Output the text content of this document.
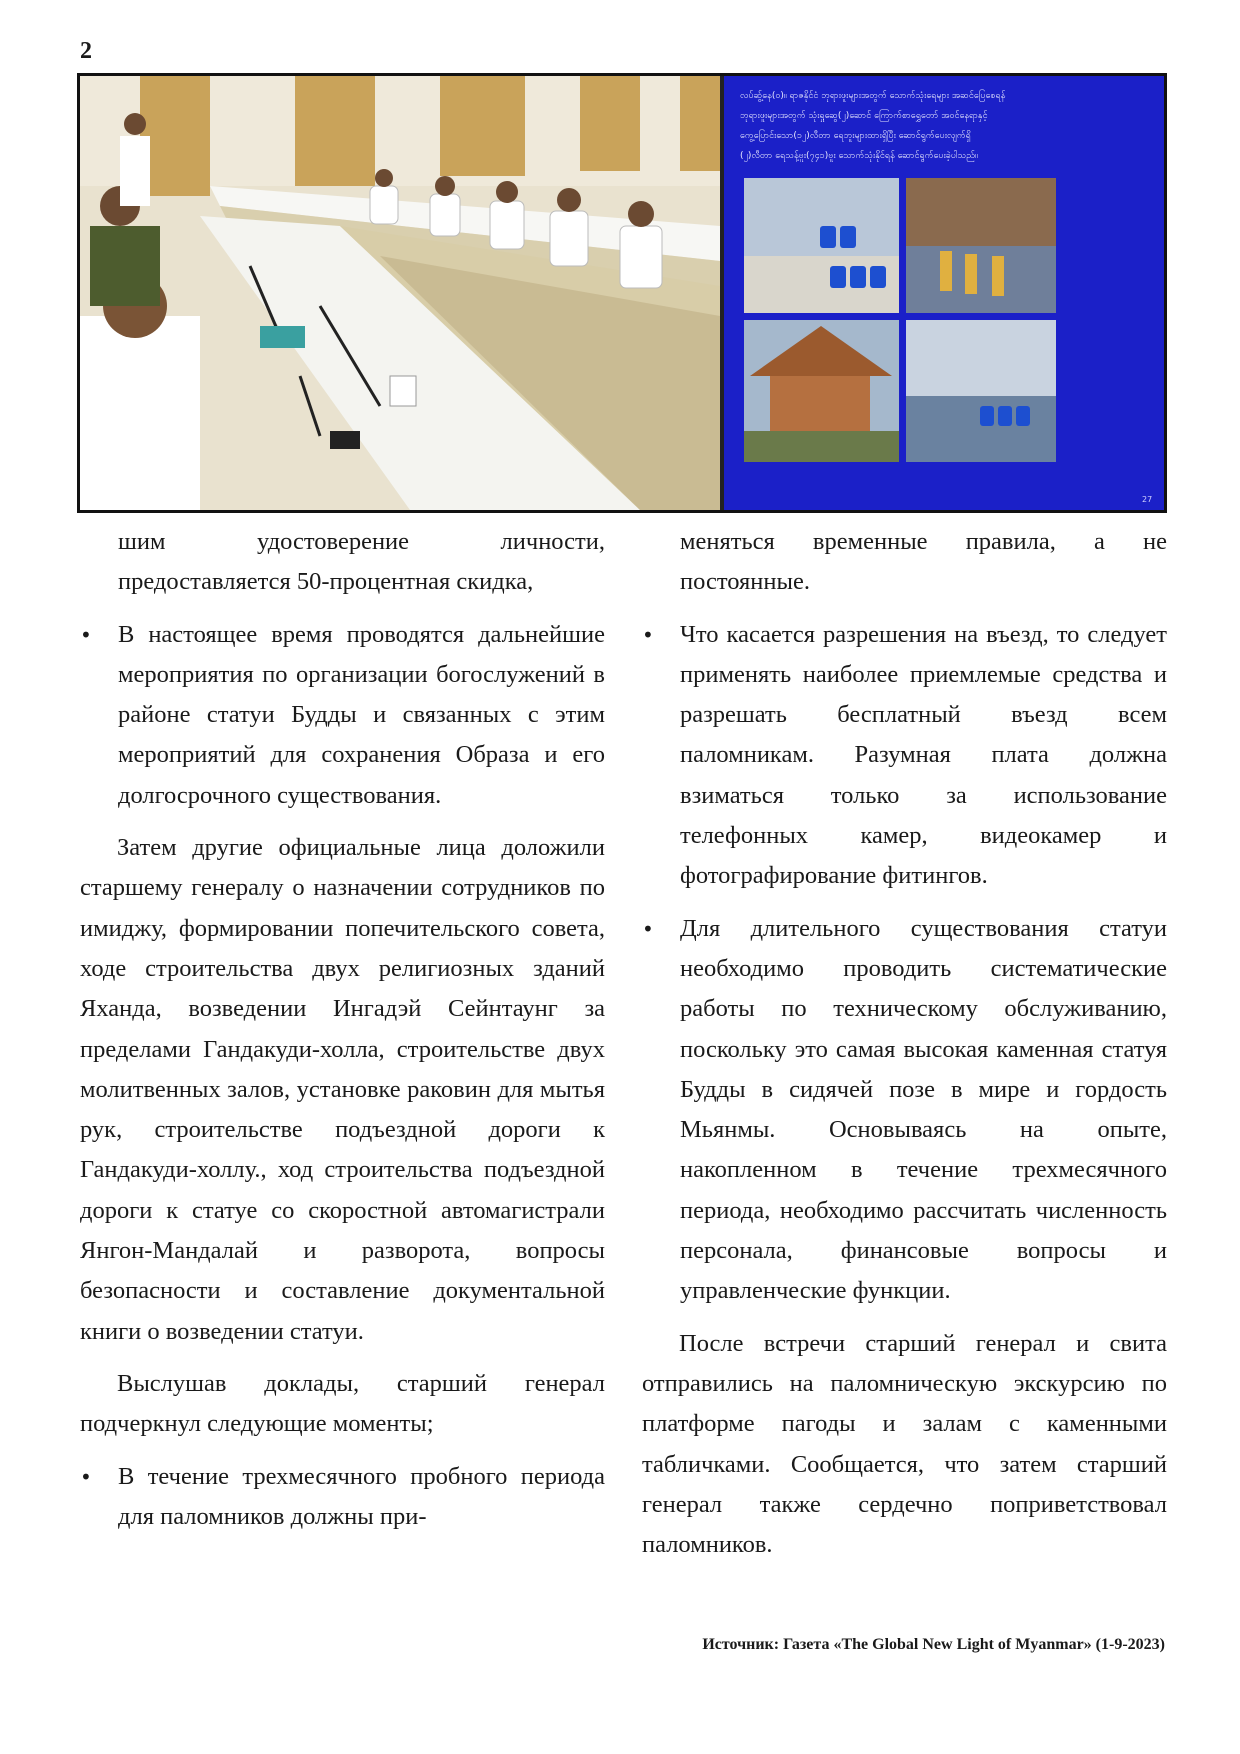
2
လပ်ဆွ့်နေ(ဝ)။ ရာဇနိုင်ငံ ဘုရားဖူးများအတွက် သောက်သုံးရေများ အဆင်ပြေစေရန်
ဘုရားဖူးများအတွက် သုံးရှုဆွေ(၂)ဆောင် ကြောက်စာရွှေတော် အဝင်နေရာနှင့်
ကွေ့ပြောင်းသော(၁၂)လီတာ ရေဘူးများထားရှိပြီး ဆောင်ရွက်ပေးလျက်ရှိ
(၂)လီတာ ရေသန့်ဗူး(၇၄၁)ဗူး သောက်သုံးနိုင်ရန် ဆောင်ရွက်ပေးခဲ့ပါသည်။
27

шим удостоверение личности, предоставляется 50-процентная скидка,

•	В настоящее время проводятся дальнейшие мероприятия по организации богослужений в районе статуи Будды и связанных с этим мероприятий для сохранения Образа и его долгосрочного существования.

Затем другие официальные лица доложили старшему генералу о назначении сотрудников по имиджу, формировании попечительского совета, ходе строительства двух религиозных зданий Яханда, возведении Ингадэй Сейнтаунг за пределами Гандакуди-холла, строительстве двух молитвенных залов, установке раковин для мытья рук, строительстве подъездной дороги к Гандакуди-холлу., ход строительства подъездной дороги к статуе со скоростной автомагистрали Янгон-Мандалай и разворота, вопросы безопасности и составление документальной книги о возведении статуи.

Выслушав доклады, старший генерал подчеркнул следующие моменты;

•	В течение трехмесячного пробного периода для паломников должны при-

меняться временные правила, а не постоянные.

•	Что касается разрешения на въезд, то следует применять наиболее приемлемые средства и разрешать бесплатный въезд всем паломникам. Разумная плата должна взиматься только за использование телефонных камер, видеокамер и фотографирование фитингов.
•	Для длительного существования статуи необходимо проводить систематические работы по техническому обслуживанию, поскольку это самая высокая каменная статуя Будды в сидячей позе в мире и гордость Мьянмы. Основываясь на опыте, накопленном в течение трехмесячного периода, необходимо рассчитать численность персонала, финансовые вопросы и управленческие функции.

После встречи старший генерал и свита отправились на паломническую экскурсию по платформе пагоды и залам с каменными табличками. Сообщается, что затем старший генерал также сердечно поприветствовал паломников.

Источник: Газета «The Global New Light of Myanmar» (1-9-2023)
